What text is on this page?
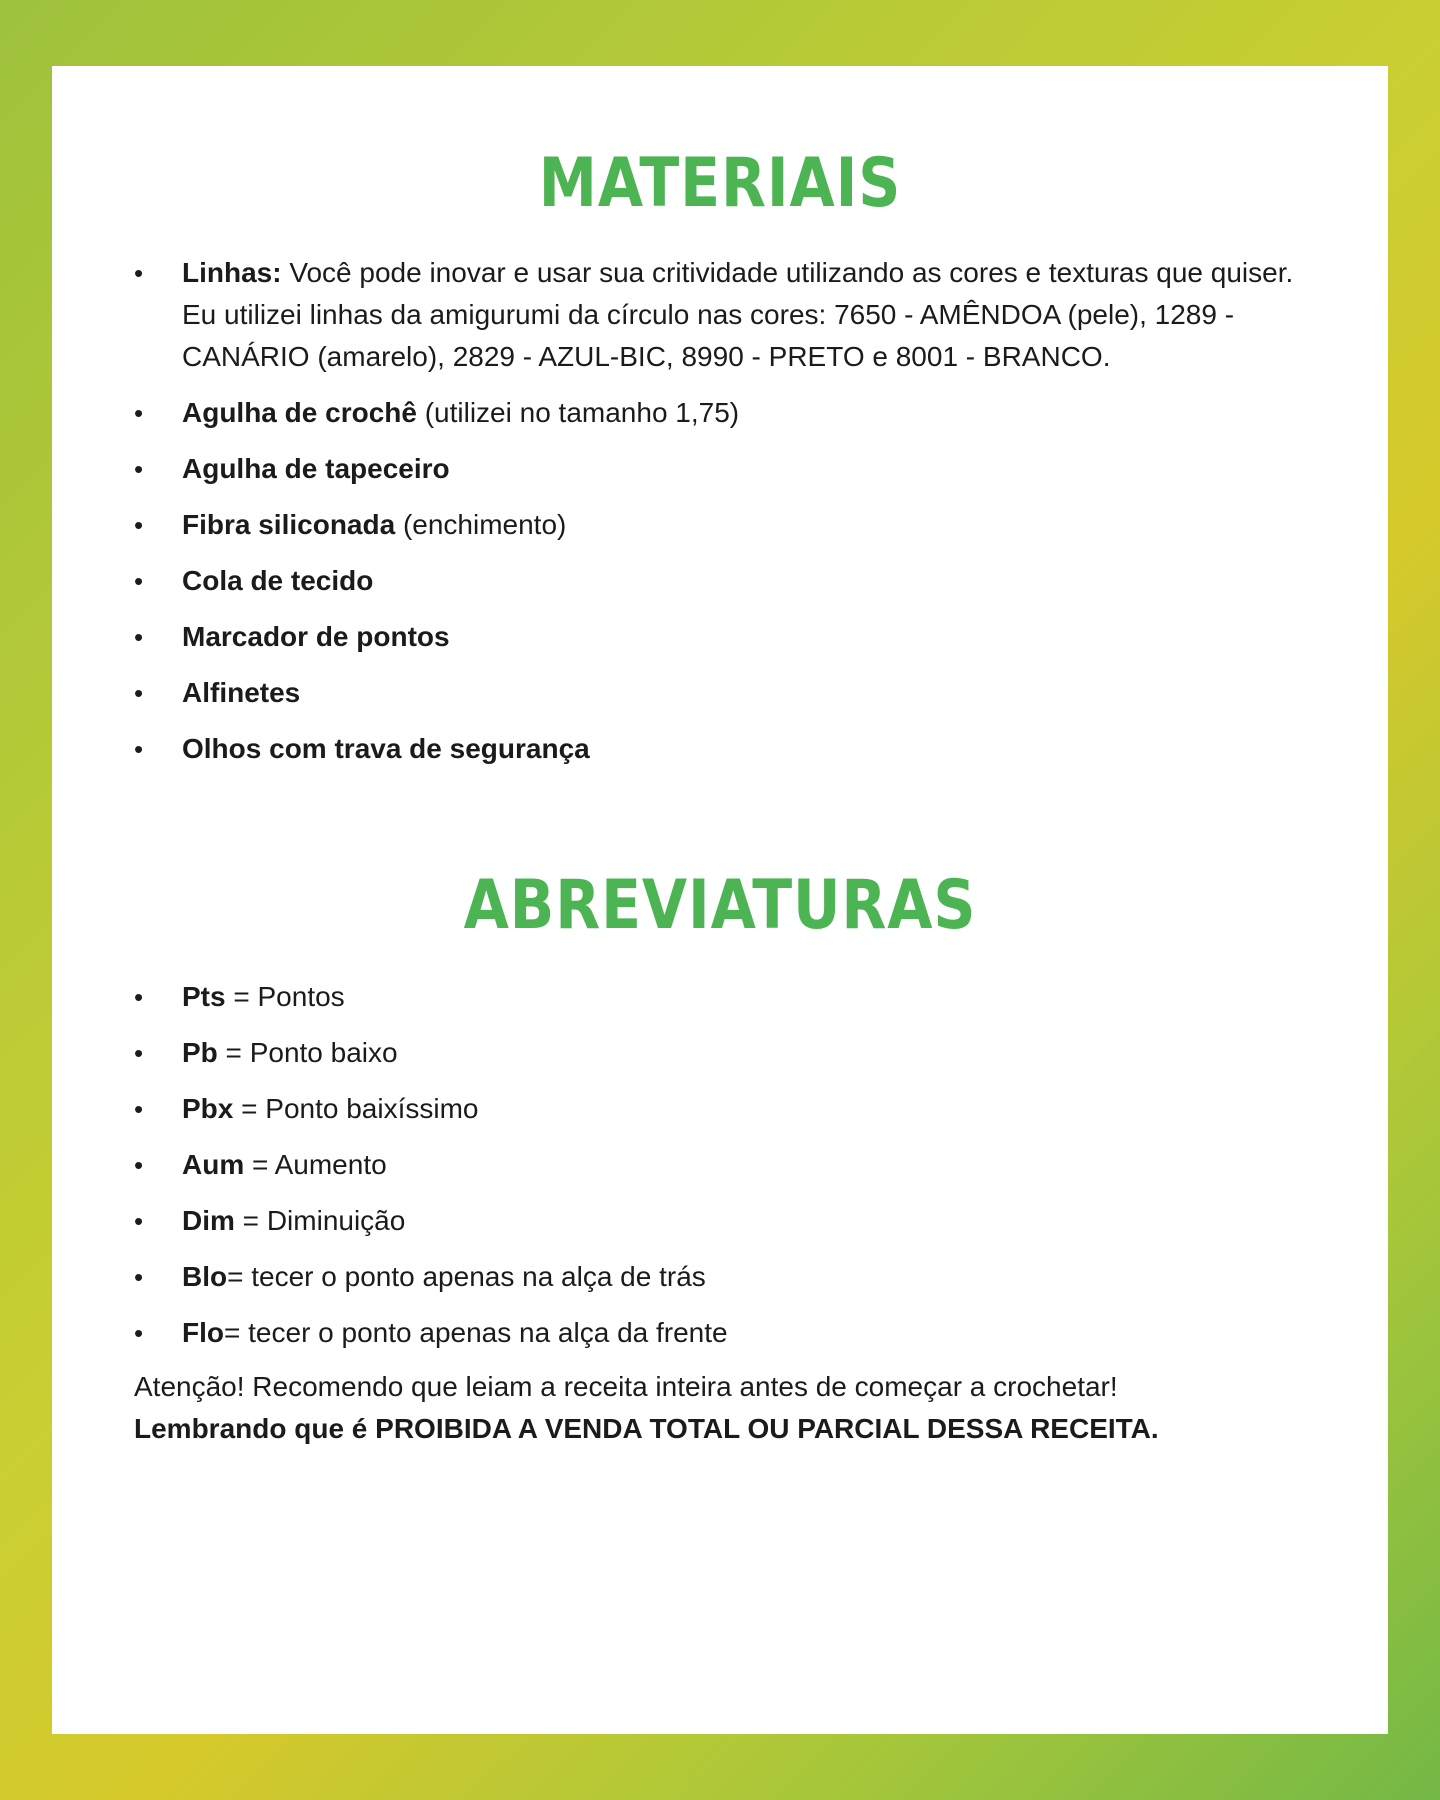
MATERIAIS
• Linhas: Você pode inovar e usar sua critividade utilizando as cores e texturas que quiser. Eu utilizei linhas da amigurumi da círculo nas cores: 7650 - AMÊNDOA (pele), 1289 - CANÁRIO (amarelo), 2829 - AZUL-BIC, 8990 - PRETO e 8001 - BRANCO.
• Agulha de crochê (utilizei no tamanho 1,75)
• Agulha de tapeceiro
• Fibra siliconada (enchimento)
• Cola de tecido
• Marcador de pontos
• Alfinetes
• Olhos com trava de segurança
ABREVIATURAS
• Pts = Pontos
• Pb = Ponto baixo
• Pbx = Ponto baixíssimo
• Aum = Aumento
• Dim = Diminuição
• Blo= tecer o ponto apenas na alça de trás
• Flo= tecer o ponto apenas na alça da frente

Atenção! Recomendo que leiam a receita inteira antes de começar a crochetar!

Lembrando que é PROIBIDA A VENDA TOTAL OU PARCIAL DESSA RECEITA.
